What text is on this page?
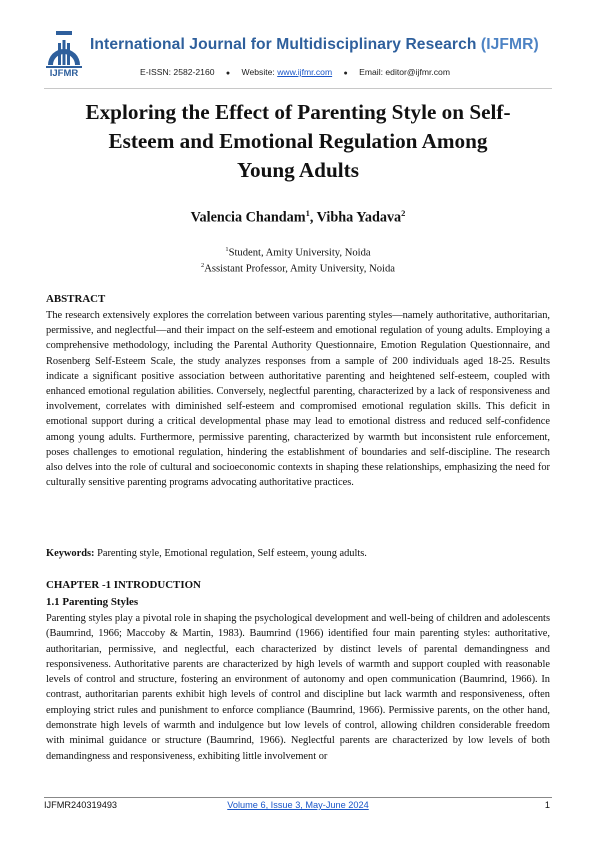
IJFMR
International Journal for Multidisciplinary Research (IJFMR)
E-ISSN: 2582-2160 ● Website: www.ijfmr.com ● Email: editor@ijfmr.com
Exploring the Effect of Parenting Style on Self-
Esteem and Emotional Regulation Among
Young Adults
Valencia Chandam$^1$, Vibha Yadava$^2$
$^1$Student, Amity University, Noida
$^2$Assistant Professor, Amity University, Noida
ABSTRACT
The research extensively explores the correlation between various parenting styles—namely authoritative, authoritarian, permissive, and neglectful—and their impact on the self-esteem and emotional regulation of young adults. Employing a comprehensive methodology, including the Parental Authority Questionnaire, Emotion Regulation Questionnaire, and Rosenberg Self-Esteem Scale, the study analyzes responses from a sample of 200 individuals aged 18-25. Results indicate a significant positive association between authoritative parenting and heightened self-esteem, coupled with enhanced emotional regulation abilities. Conversely, neglectful parenting, characterized by a lack of responsiveness and involvement, correlates with diminished self-esteem and compromised emotional regulation skills. This deficit in emotional support during a critical developmental phase may lead to emotional distress and reduced self-confidence among young adults. Furthermore, permissive parenting, characterized by warmth but inconsistent rule enforcement, poses challenges to emotional regulation, hindering the establishment of boundaries and self-discipline. The research also delves into the role of cultural and socioeconomic contexts in shaping these relationships, emphasizing the need for culturally sensitive parenting programs advocating authoritative practices.
Keywords: Parenting style, Emotional regulation, Self esteem, young adults.
CHAPTER -1 INTRODUCTION
1.1 Parenting Styles
Parenting styles play a pivotal role in shaping the psychological development and well-being of children and adolescents (Baumrind, 1966; Maccoby & Martin, 1983). Baumrind (1966) identified four main parenting styles: authoritative, authoritarian, permissive, and neglectful, each characterized by distinct levels of parental demandingness and responsiveness. Authoritative parents are characterized by high levels of warmth and support coupled with reasonable levels of control and structure, fostering an environment of autonomy and open communication (Baumrind, 1966). In contrast, authoritarian parents exhibit high levels of control and discipline but lack warmth and responsiveness, often employing strict rules and punishment to enforce compliance (Baumrind, 1966). Permissive parents, on the other hand, demonstrate high levels of warmth and indulgence but low levels of control, allowing children considerable freedom with minimal guidance or structure (Baumrind, 1966). Neglectful parents are characterized by low levels of both demandingness and responsiveness, exhibiting little involvement or
IJFMR240319493	Volume 6, Issue 3, May-June 2024	1
